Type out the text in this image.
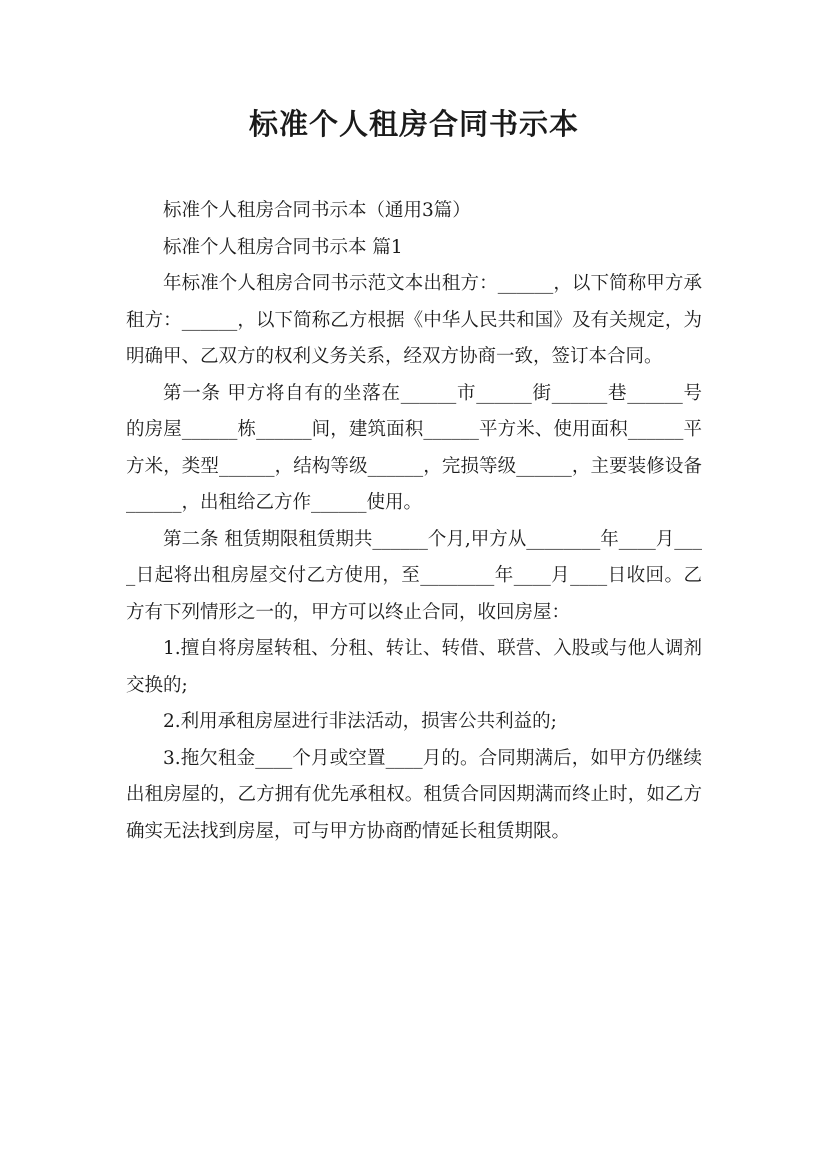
标准个人租房合同书示本

标准个人租房合同书示本（通用3篇）

标准个人租房合同书示本 篇1

年标准个人租房合同书示范文本出租方：______，以下简称甲方承租方：______，以下简称乙方根据《中华人民共和国》及有关规定，为明确甲、乙双方的权利义务关系，经双方协商一致，签订本合同。

第一条 甲方将自有的坐落在______市______街______巷______号的房屋______栋______间，建筑面积______平方米、使用面积______平方米，类型______，结构等级______，完损等级______，主要装修设备______，出租给乙方作______使用。

第二条 租赁期限租赁期共______个月,甲方从________年____月____日起将出租房屋交付乙方使用，至________年____月____日收回。乙方有下列情形之一的，甲方可以终止合同，收回房屋：

1.擅自将房屋转租、分租、转让、转借、联营、入股或与他人调剂交换的;

2.利用承租房屋进行非法活动，损害公共利益的;

3.拖欠租金____个月或空置____月的。合同期满后，如甲方仍继续出租房屋的，乙方拥有优先承租权。租赁合同因期满而终止时，如乙方确实无法找到房屋，可与甲方协商酌情延长租赁期限。
